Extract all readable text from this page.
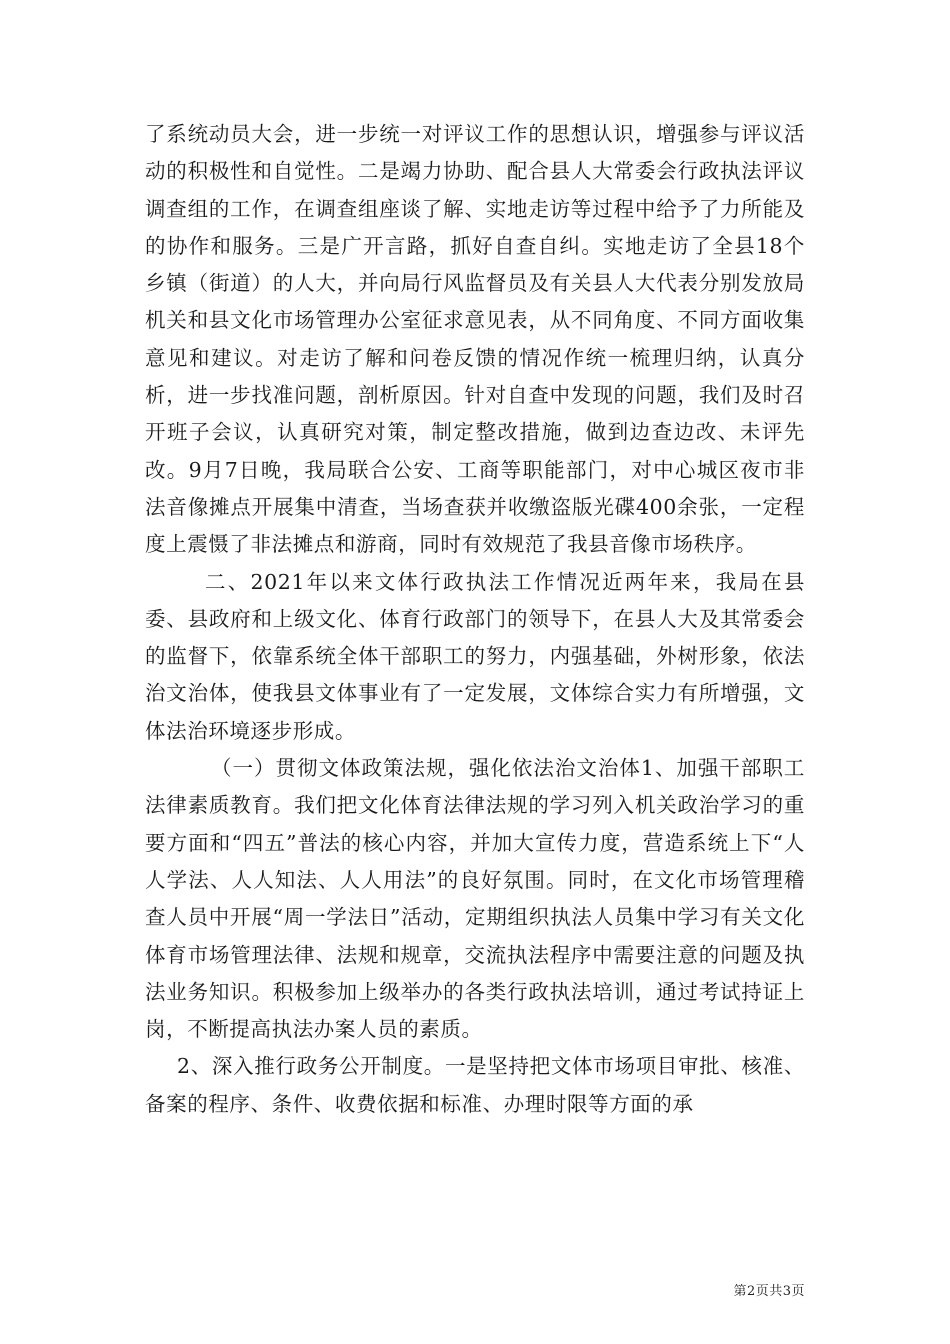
了系统动员大会，进一步统一对评议工作的思想认识，增强参与评议活动的积极性和自觉性。二是竭力协助、配合县人大常委会行政执法评议调查组的工作，在调查组座谈了解、实地走访等过程中给予了力所能及的协作和服务。三是广开言路，抓好自查自纠。实地走访了全县18个乡镇（街道）的人大，并向局行风监督员及有关县人大代表分别发放局机关和县文化市场管理办公室征求意见表，从不同角度、不同方面收集意见和建议。对走访了解和问卷反馈的情况作统一梳理归纳，认真分析，进一步找准问题，剖析原因。针对自查中发现的问题，我们及时召开班子会议，认真研究对策，制定整改措施，做到边查边改、未评先改。9月7日晚，我局联合公安、工商等职能部门，对中心城区夜市非法音像摊点开展集中清查，当场查获并收缴盗版光碟400余张，一定程度上震慑了非法摊点和游商，同时有效规范了我县音像市场秩序。

二、2021年以来文体行政执法工作情况近两年来，我局在县委、县政府和上级文化、体育行政部门的领导下，在县人大及其常委会的监督下，依靠系统全体干部职工的努力，内强基础，外树形象，依法治文治体，使我县文体事业有了一定发展，文体综合实力有所增强，文体法治环境逐步形成。

（一）贯彻文体政策法规，强化依法治文治体1、加强干部职工法律素质教育。我们把文化体育法律法规的学习列入机关政治学习的重要方面和“四五”普法的核心内容，并加大宣传力度，营造系统上下“人人学法、人人知法、人人用法”的良好氛围。同时，在文化市场管理稽查人员中开展“周一学法日”活动，定期组织执法人员集中学习有关文化体育市场管理法律、法规和规章，交流执法程序中需要注意的问题及执法业务知识。积极参加上级举办的各类行政执法培训，通过考试持证上岗，不断提高执法办案人员的素质。

2、深入推行政务公开制度。一是坚持把文体市场项目审批、核准、备案的程序、条件、收费依据和标准、办理时限等方面的承

第2页共3页
